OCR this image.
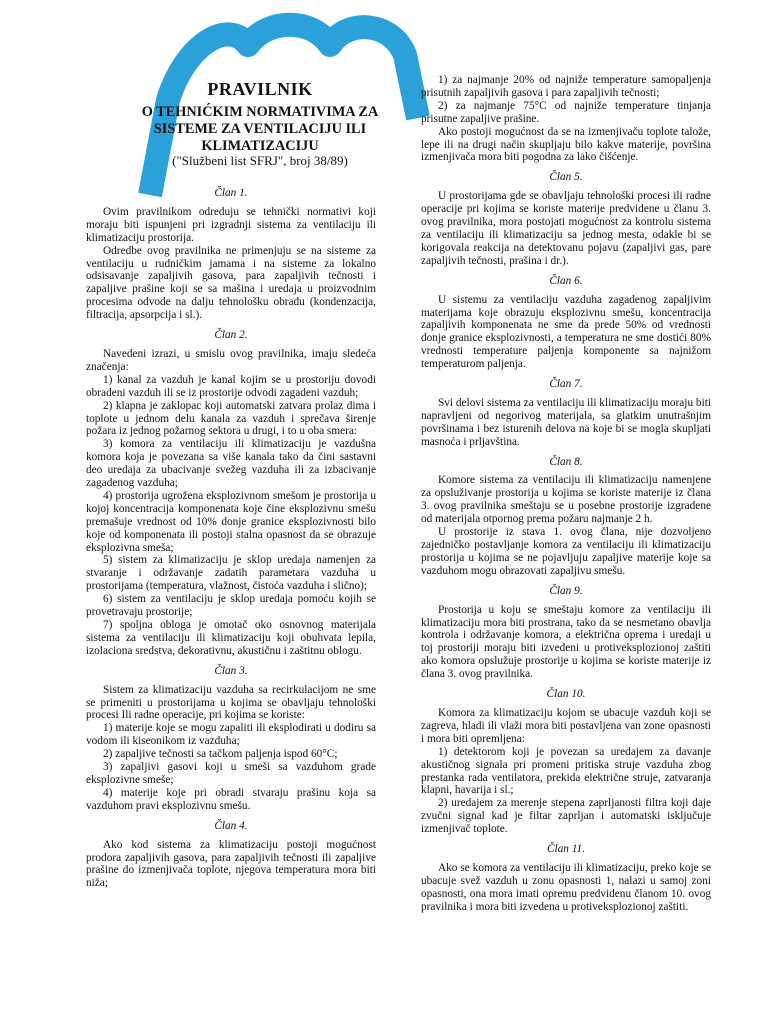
PRAVILNIK
O TEHNIĆKIM NORMATIVIMA ZA
SISTEME ZA VENTILACIJU ILI
KLIMATIZACIJU
("Službeni list SFRJ", broj 38/89)
Član 1.

Ovim pravilnikom odreduju se tehnički normativi koji moraju biti ispunjeni pri izgradnji sistema za ventilaciju ili klimatizaciju prostorija.

Odredbe ovog pravilnika ne primenjuju se na sisteme za ventilaciju u rudničkim jamama i na sisteme za lokalno odsisavanje zapaljivih gasova, para zapaljivih tečnosti i zapaljive prašine koji se sa mašina i uredaja u proizvodnim procesima odvode na dalju tehnološku obradu (kondenzacija, filtracija, apsorpcija i sl.).

Član 2.

Navedeni izrazi, u smislu ovog pravilnika, imaju sledeća značenja:

1) kanal za vazduh je kanal kojim se u prostoriju dovodi obradeni vazduh ili se iz prostorije odvodi zagadeni vazduh;

2) klapna je zaklopac koji automatski zatvara prolaz dima i toplote u jednom delu kanala za vazduh i sprečava širenje požara iz jednog požarnog sektora u drugi, i to u oba smera:

3) komora za ventilaciju ili klimatizaciju je vazdušna komora koja je povezana sa više kanala tako da čini sastavni deo uredaja za ubacivanje svežeg vazduha ili za izbacivanje zagadenog vazduha;

4) prostorija ugrožena eksplozivnom smešom je prostorija u kojoj koncentracija komponenata koje čine eksplozivnu smešu premašuje vrednost od 10% donje granice eksplozivnosti bilo koje od komponenata ili postoji stalna opasnost da se obrazuje eksplozivna smeša;

5) sistem za klimatizaciju je sklop uredaja namenjen za stvaranje i održavanje zadatih parametara vazduha u prostorijama (temperatura, vlažnost, čistoća vazduha i slično);

6) sistem za ventilaciju je sklop uredaja pomoću kojih se provetravaju prostorije;

7) spoljna obloga je omotač oko osnovnog materijala sistema za ventilaciju ili klimatizaciju koji obuhvata lepila, izolaciona sredstva, dekorativnu, akustičnu i zaštitnu oblogu.

Član 3.

Sistem za klimatizaciju vazduha sa recirkulacijom ne sme se primeniti u prostorijama u kojima se obavljaju tehnološki procesi Ili radne operacije, pri kojima se koriste:

1) materije koje se mogu zapaliti ili eksplodirati u dodiru sa vodom ili kiseonikom iz vazduha;

2) zapaljive tečnosti sa tačkom paljenja ispod 60°C;

3) zapaljivi gasovi koji u smeši sa vazduhom grade eksplozivne smeše;

4) materije koje pri obradi stvaraju prašinu koja sa vazduhom pravi eksplozivnu smešu.

Član 4.

Ako kod sistema za klimatizaciju postoji mogućnost prodora zapaljivih gasova, para zapaljivih tečnosti ili zapaljive prašine do izmenjivača toplote, njegova temperatura mora biti niža;

1) za najmanje 20% od najniže temperature samopaljenja prisutnih zapaljivih gasova i para zapaljivih tečnosti;

2) za najmanje 75°C od najniže temperature tinjanja prisutne zapaljive prašine.

Ako postoji mogućnost da se na izmenjivaču toplote talože, lepe ili na drugi način skupljaju bilo kakve materije, površina izmenjivača mora biti pogodna za lako čišćenje.

Član 5.

U prostorijama gde se obavljaju tehnološki procesi ili radne operacije pri kojima se koriste materije predvidene u članu 3. ovog pravilnika, mora postojati mogućnost za kontrolu sistema za ventilaciju ili klimatizaciju sa jednog mesta, odakle bi se korigovala reakcija na detektovanu pojavu (zapaljivi gas, pare zapaljivih tečnosti, prašina i dr.).

Član 6.

U sistemu za ventilaciju vazduha zagadenog zapaljivim materijama koje obrazuju eksplozivnu smešu, koncentracija zapaljivih komponenata ne sme da prede 50% od vrednosti donje granice eksplozivnosti, a temperatura ne sme dostići 80% vrednosti temperature paljenja komponente sa najnižom temperaturom paljenja.

Član 7.

Svi delovi sistema za ventilaciju ili klimatizaciju moraju biti napravljeni od negorivog materijala, sa glatkim unutrašnjim površinama i bez isturenih delova na koje bi se mogla skupljati masnoća i prljavština.

Član 8.

Komore sistema za ventilaciju ili klimatizaciju namenjene za opsluživanje prostorija u kojima se koriste materije iz člana 3. ovog pravilnika smeštaju se u posebne prostorije izgradene od materijala otpornog prema požaru najmanje 2 h.

U prostorije iz stava 1. ovog člana, nije dozvoljeno zajedničko postavljanje komora za ventilaciju ili klimatizaciju prostorija u kojima se ne pojavljuju zapaljive materije koje sa vazduhom mogu obrazovati zapaljivu smešu.

Član 9.

Prostorija u koju se smeštaju komore za ventilaciju ili klimatizaciju mora biti prostrana, tako da se nesmetano obavlja kontrola i održavanje komora, a električna oprema i uredaji u toj prostoriji moraju biti izvedeni u protiveksplozionoj zaštiti ako komora opslužuje prostorije u kojima se koriste materije iz člana 3. ovog pravilnika.

Član 10.

Komora za klimatizaciju kojom se ubacuje vazduh koji se zagreva, hladi ili vlaži mora biti postavljena van zone opasnosti i mora biti opremljena:

1) detektorom koji je povezan sa uredajem za davanje akustičnog signala pri promeni pritiska struje vazduha zbog prestanka rada ventilatora, prekida električne struje, zatvaranja klapni, havarija i sl.;

2) uredajem za merenje stepena zaprljanosti filtra koji daje zvučni signal kad je filtar zaprljan i automatski isključuje izmenjivač toplote.

Član 11.

Ako se komora za ventilaciju ili klimatizaciju, preko koje se ubacuje svež vazduh u zonu opasnosti 1, nalazi u samoj zoni opasnosti, ona mora imati opremu predvidenu članom 10. ovog pravilnika i mora biti izvedena u protiveksplozionoj zaštiti.
